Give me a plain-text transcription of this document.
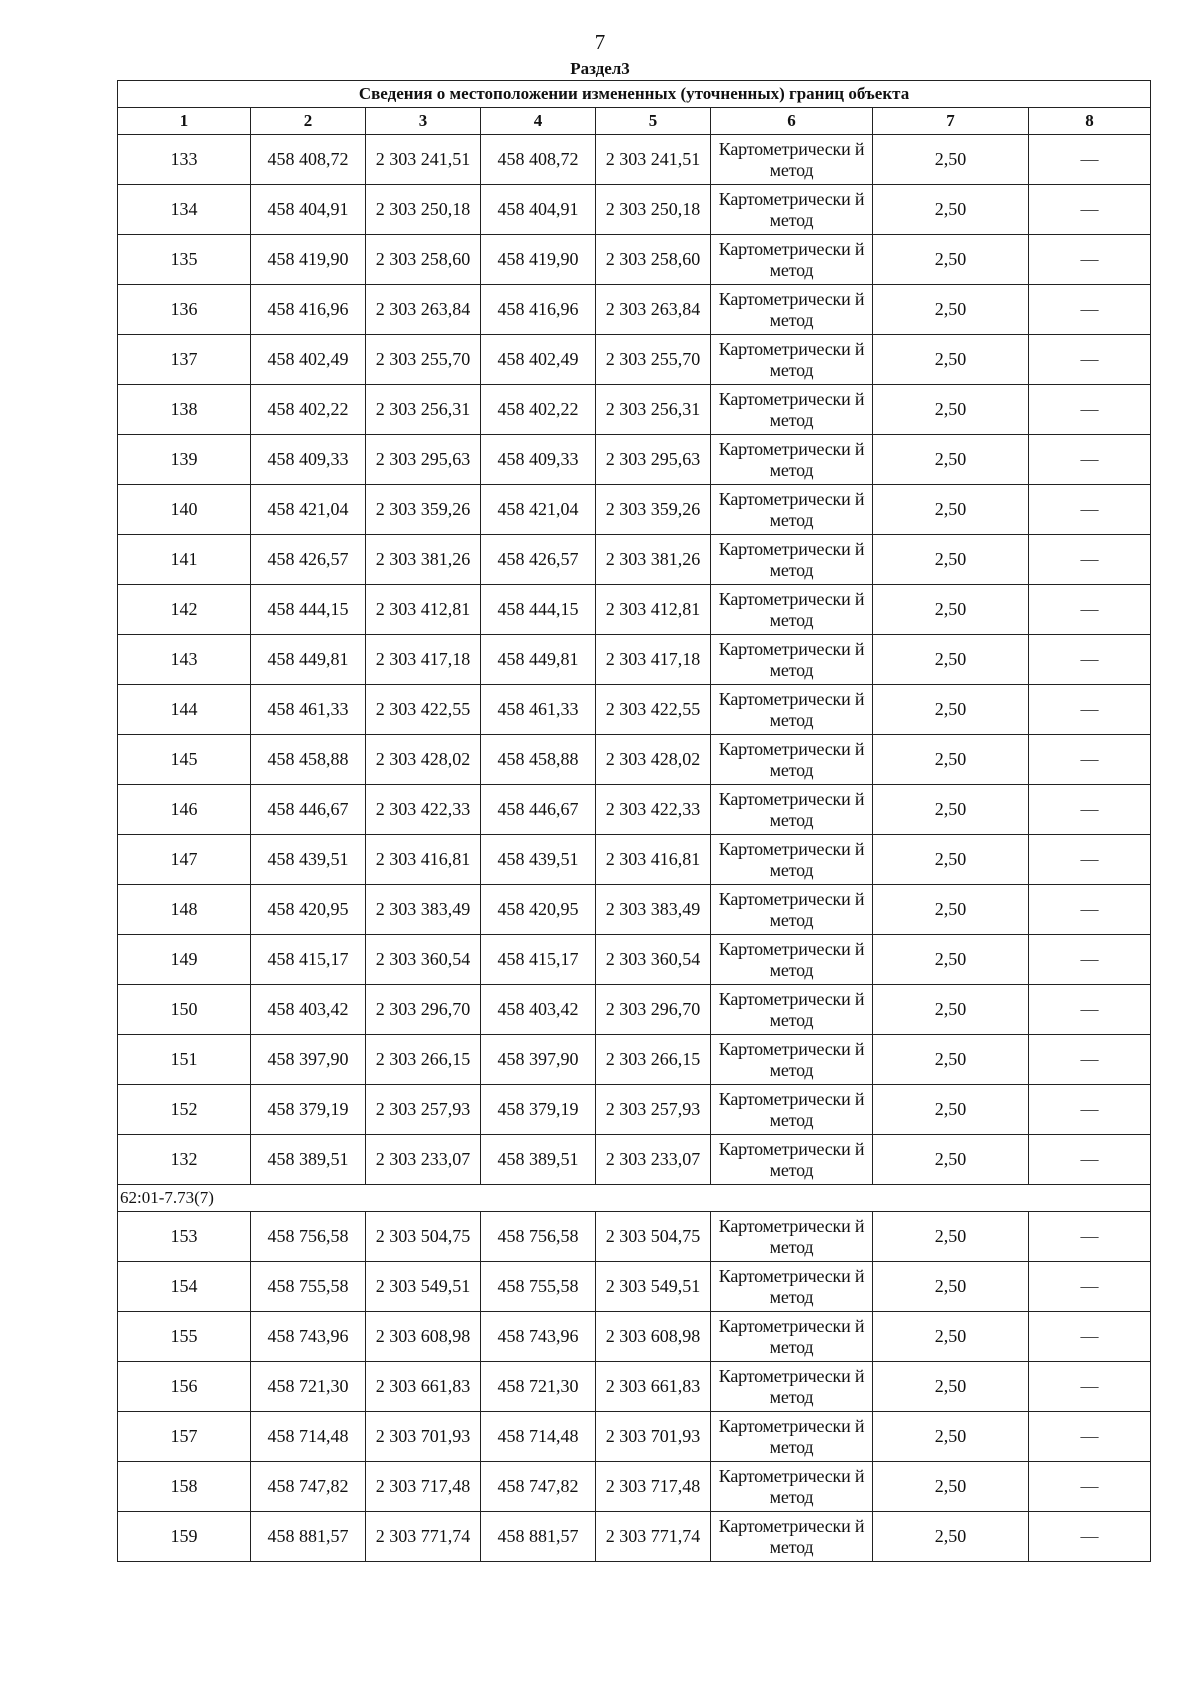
7
Раздел3
Сведения о местоположении измененных (уточненных) границ объекта							
1	2	3	4	5	6	7	8
133	458 408,72	2 303 241,51	458 408,72	2 303 241,51	Картометрически й метод	2,50	—
134	458 404,91	2 303 250,18	458 404,91	2 303 250,18	Картометрически й метод	2,50	—
135	458 419,90	2 303 258,60	458 419,90	2 303 258,60	Картометрически й метод	2,50	—
136	458 416,96	2 303 263,84	458 416,96	2 303 263,84	Картометрически й метод	2,50	—
137	458 402,49	2 303 255,70	458 402,49	2 303 255,70	Картометрически й метод	2,50	—
138	458 402,22	2 303 256,31	458 402,22	2 303 256,31	Картометрически й метод	2,50	—
139	458 409,33	2 303 295,63	458 409,33	2 303 295,63	Картометрически й метод	2,50	—
140	458 421,04	2 303 359,26	458 421,04	2 303 359,26	Картометрически й метод	2,50	—
141	458 426,57	2 303 381,26	458 426,57	2 303 381,26	Картометрически й метод	2,50	—
142	458 444,15	2 303 412,81	458 444,15	2 303 412,81	Картометрически й метод	2,50	—
143	458 449,81	2 303 417,18	458 449,81	2 303 417,18	Картометрически й метод	2,50	—
144	458 461,33	2 303 422,55	458 461,33	2 303 422,55	Картометрически й метод	2,50	—
145	458 458,88	2 303 428,02	458 458,88	2 303 428,02	Картометрически й метод	2,50	—
146	458 446,67	2 303 422,33	458 446,67	2 303 422,33	Картометрически й метод	2,50	—
147	458 439,51	2 303 416,81	458 439,51	2 303 416,81	Картометрически й метод	2,50	—
148	458 420,95	2 303 383,49	458 420,95	2 303 383,49	Картометрически й метод	2,50	—
149	458 415,17	2 303 360,54	458 415,17	2 303 360,54	Картометрически й метод	2,50	—
150	458 403,42	2 303 296,70	458 403,42	2 303 296,70	Картометрически й метод	2,50	—
151	458 397,90	2 303 266,15	458 397,90	2 303 266,15	Картометрически й метод	2,50	—
152	458 379,19	2 303 257,93	458 379,19	2 303 257,93	Картометрически й метод	2,50	—
132	458 389,51	2 303 233,07	458 389,51	2 303 233,07	Картометрически й метод	2,50	—
62:01-7.73(7)							
153	458 756,58	2 303 504,75	458 756,58	2 303 504,75	Картометрически й метод	2,50	—
154	458 755,58	2 303 549,51	458 755,58	2 303 549,51	Картометрически й метод	2,50	—
155	458 743,96	2 303 608,98	458 743,96	2 303 608,98	Картометрически й метод	2,50	—
156	458 721,30	2 303 661,83	458 721,30	2 303 661,83	Картометрически й метод	2,50	—
157	458 714,48	2 303 701,93	458 714,48	2 303 701,93	Картометрически й метод	2,50	—
158	458 747,82	2 303 717,48	458 747,82	2 303 717,48	Картометрически й метод	2,50	—
159	458 881,57	2 303 771,74	458 881,57	2 303 771,74	Картометрически й метод	2,50	—
